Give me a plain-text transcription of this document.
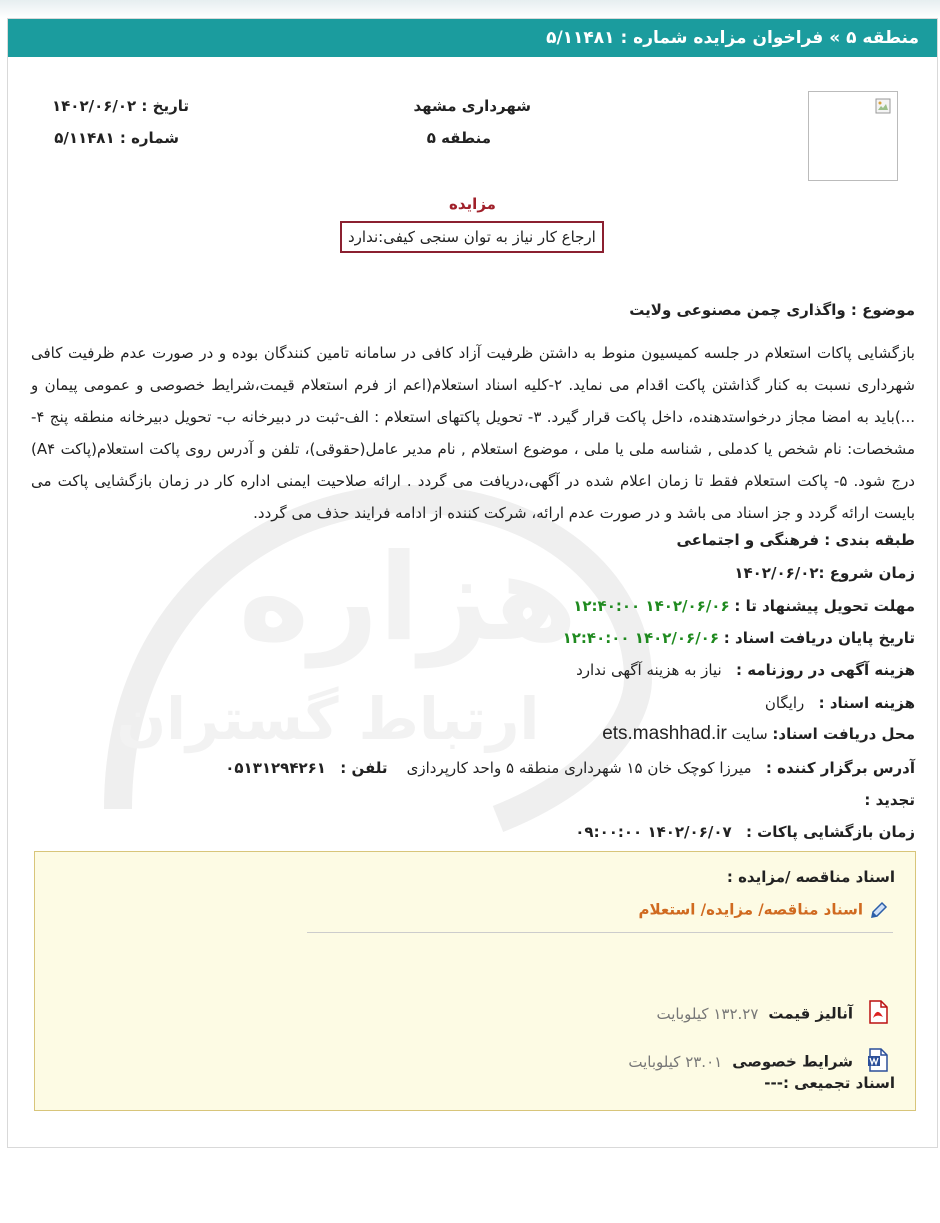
منطقه ۵ » فراخوان مزایده شماره : ۵/۱۱۴۸۱
شهرداری مشهد
منطقه ۵
تاریخ : ۱۴۰۲/۰۶/۰۲
شماره : ۵/۱۱۴۸۱
مزایده
ارجاع کار نیاز به توان سنجی کیفی:ندارد
هزاره
ارتباط گستران
موضوع : واگذاری چمن مصنوعی ولایت
بازگشایی پاکات استعلام در جلسه کمیسیون منوط به داشتن ظرفیت آزاد کافی در سامانه تامین کنندگان بوده و در صورت عدم ظرفیت کافی شهرداری نسبت به کنار گذاشتن پاکت اقدام می نماید. ۲-کلیه اسناد استعلام(اعم از فرم استعلام قیمت،شرایط خصوصی و عمومی پیمان و ...)باید به امضا مجاز درخواستدهنده، داخل پاکت قرار گیرد. ۳- تحویل پاکتهای استعلام : الف-ثبت در دبیرخانه ب- تحویل دبیرخانه منطقه پنج ۴- مشخصات: نام شخص یا کدملی , شناسه ملی یا ملی ، موضوع استعلام , نام مدیر عامل(حقوقی)، تلفن و آدرس روی پاکت استعلام(پاکت A۴) درج شود. ۵- پاکت استعلام فقط تا زمان اعلام شده در آگهی،دریافت می گردد . ارائه صلاحیت ایمنی اداره کار در زمان بازگشایی پاکت می بایست ارائه گردد و جز اسناد می باشد و در صورت عدم ارائه، شرکت کننده از ادامه فرایند حذف می گردد.
طبقه بندی : فرهنگی و اجتماعی
زمان شروع :۱۴۰۲/۰۶/۰۲
مهلت تحویل پیشنهاد تا : ۱۴۰۲/۰۶/۰۶ ۱۲:۴۰:۰۰
تاریخ پایان دریافت اسناد : ۱۴۰۲/۰۶/۰۶ ۱۲:۴۰:۰۰
هزینه آگهی در روزنامه :   نیاز به هزینه آگهی ندارد
هزینه اسناد :   رایگان
محل دریافت اسناد: سایت ets.mashhad.ir
آدرس برگزار کننده :   میرزا کوچک خان ۱۵ شهرداری منطقه ۵ واحد کارپردازی    تلفن :   ۰۵۱۳۱۲۹۴۲۶۱
تجدید :
زمان بازگشایی پاکات :   ۱۴۰۲/۰۶/۰۷ ۰۹:۰۰:۰۰
اسناد مناقصه /مزایده :
اسناد مناقصه/ مزایده/ استعلام
آنالیز قیمت۱۳۲.۲۷ کیلوبایت
شرایط خصوصی۲۳.۰۱ کیلوبایت
اسناد تجمیعی :---
